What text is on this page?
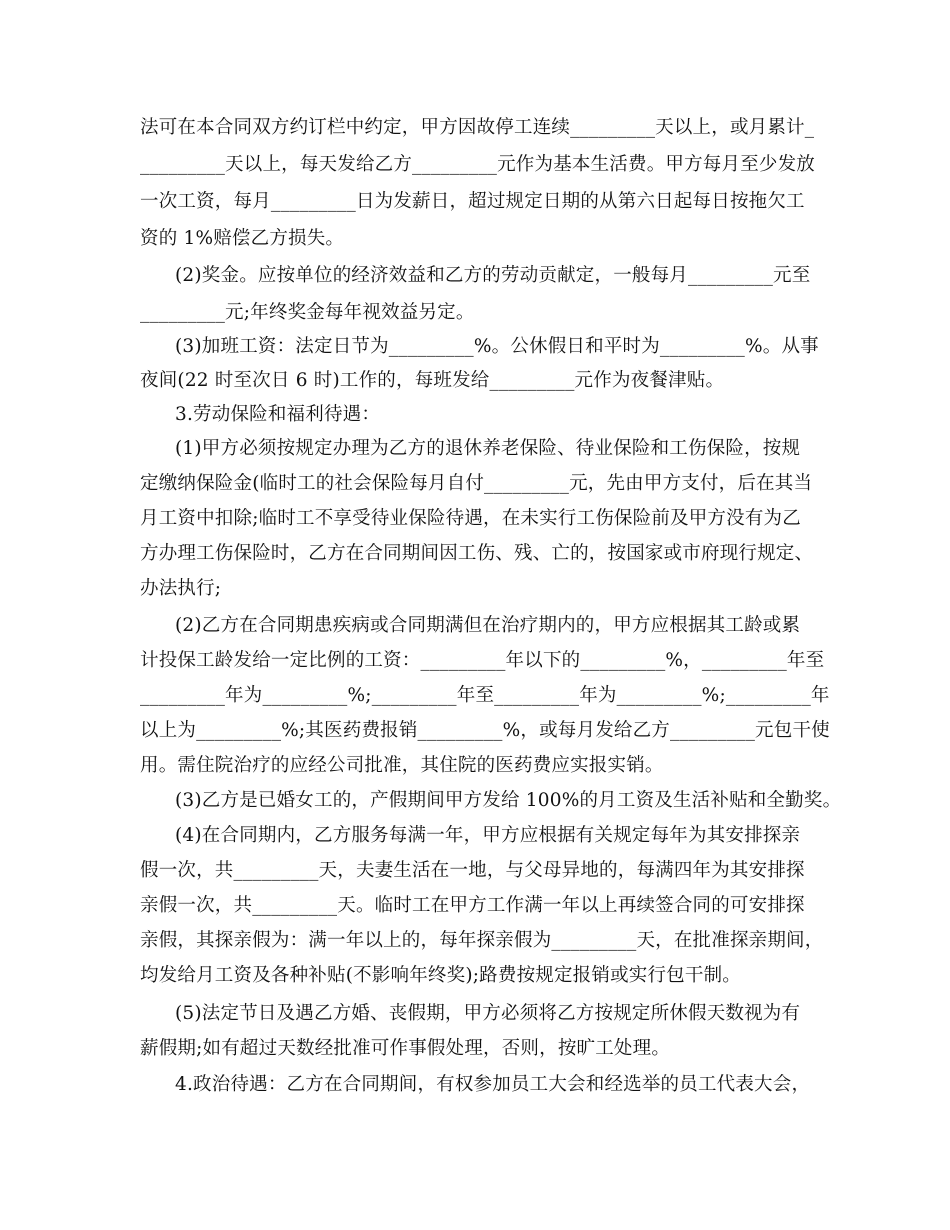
法可在本合同双方约订栏中约定，甲方因故停工连续_________天以上，或月累计_
_________天以上，每天发给乙方_________元作为基本生活费。甲方每月至少发放
一次工资，每月_________日为发薪日，超过规定日期的从第六日起每日按拖欠工
资的 1%赔偿乙方损失。
(2)奖金。应按单位的经济效益和乙方的劳动贡献定，一般每月_________元至
_________元;年终奖金每年视效益另定。
(3)加班工资：法定日节为_________%。公休假日和平时为_________%。从事
夜间(22 时至次日 6 时)工作的，每班发给_________元作为夜餐津贴。
3.劳动保险和福利待遇：
(1)甲方必须按规定办理为乙方的退休养老保险、待业保险和工伤保险，按规
定缴纳保险金(临时工的社会保险每月自付_________元，先由甲方支付，后在其当
月工资中扣除;临时工不享受待业保险待遇，在未实行工伤保险前及甲方没有为乙
方办理工伤保险时，乙方在合同期间因工伤、残、亡的，按国家或市府现行规定、
办法执行;
(2)乙方在合同期患疾病或合同期满但在治疗期内的，甲方应根据其工龄或累
计投保工龄发给一定比例的工资：_________年以下的_________%，_________年至
_________年为_________%;_________年至_________年为_________%;_________年
以上为_________%;其医药费报销_________%，或每月发给乙方_________元包干使
用。需住院治疗的应经公司批准，其住院的医药费应实报实销。
(3)乙方是已婚女工的，产假期间甲方发给 100%的月工资及生活补贴和全勤奖。
(4)在合同期内，乙方服务每满一年，甲方应根据有关规定每年为其安排探亲
假一次，共_________天，夫妻生活在一地，与父母异地的，每满四年为其安排探
亲假一次，共_________天。临时工在甲方工作满一年以上再续签合同的可安排探
亲假，其探亲假为：满一年以上的，每年探亲假为_________天，在批准探亲期间，
均发给月工资及各种补贴(不影响年终奖);路费按规定报销或实行包干制。
(5)法定节日及遇乙方婚、丧假期，甲方必须将乙方按规定所休假天数视为有
薪假期;如有超过天数经批准可作事假处理，否则，按旷工处理。
4.政治待遇：乙方在合同期间，有权参加员工大会和经选举的员工代表大会，
